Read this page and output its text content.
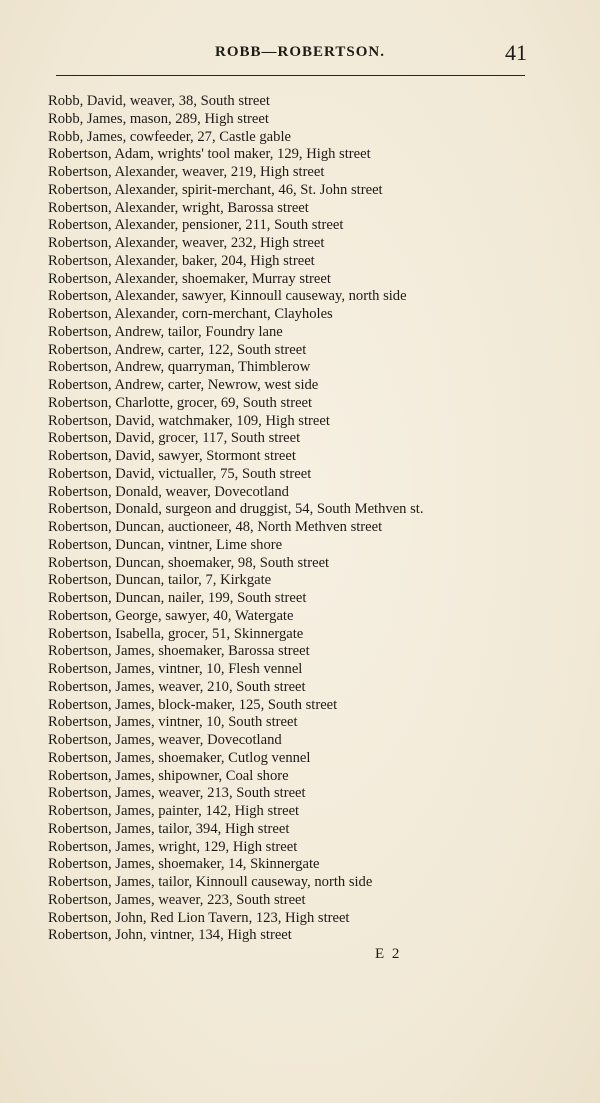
ROBB—ROBERTSON.	41
Robb, David, weaver, 38, South street
Robb, James, mason, 289, High street
Robb, James, cowfeeder, 27, Castle gable
Robertson, Adam, wrights' tool maker, 129, High street
Robertson, Alexander, weaver, 219, High street
Robertson, Alexander, spirit-merchant, 46, St. John street
Robertson, Alexander, wright, Barossa street
Robertson, Alexander, pensioner, 211, South street
Robertson, Alexander, weaver, 232, High street
Robertson, Alexander, baker, 204, High street
Robertson, Alexander, shoemaker, Murray street
Robertson, Alexander, sawyer, Kinnoull causeway, north side
Robertson, Alexander, corn-merchant, Clayholes
Robertson, Andrew, tailor, Foundry lane
Robertson, Andrew, carter, 122, South street
Robertson, Andrew, quarryman, Thimblerow
Robertson, Andrew, carter, Newrow, west side
Robertson, Charlotte, grocer, 69, South street
Robertson, David, watchmaker, 109, High street
Robertson, David, grocer, 117, South street
Robertson, David, sawyer, Stormont street
Robertson, David, victualler, 75, South street
Robertson, Donald, weaver, Dovecotland
Robertson, Donald, surgeon and druggist, 54, South Methven st.
Robertson, Duncan, auctioneer, 48, North Methven street
Robertson, Duncan, vintner, Lime shore
Robertson, Duncan, shoemaker, 98, South street
Robertson, Duncan, tailor, 7, Kirkgate
Robertson, Duncan, nailer, 199, South street
Robertson, George, sawyer, 40, Watergate
Robertson, Isabella, grocer, 51, Skinnergate
Robertson, James, shoemaker, Barossa street
Robertson, James, vintner, 10, Flesh vennel
Robertson, James, weaver, 210, South street
Robertson, James, block-maker, 125, South street
Robertson, James, vintner, 10, South street
Robertson, James, weaver, Dovecotland
Robertson, James, shoemaker, Cutlog vennel
Robertson, James, shipowner, Coal shore
Robertson, James, weaver, 213, South street
Robertson, James, painter, 142, High street
Robertson, James, tailor, 394, High street
Robertson, James, wright, 129, High street
Robertson, James, shoemaker, 14, Skinnergate
Robertson, James, tailor, Kinnoull causeway, north side
Robertson, James, weaver, 223, South street
Robertson, John, Red Lion Tavern, 123, High street
Robertson, John, vintner, 134, High street
E 2
